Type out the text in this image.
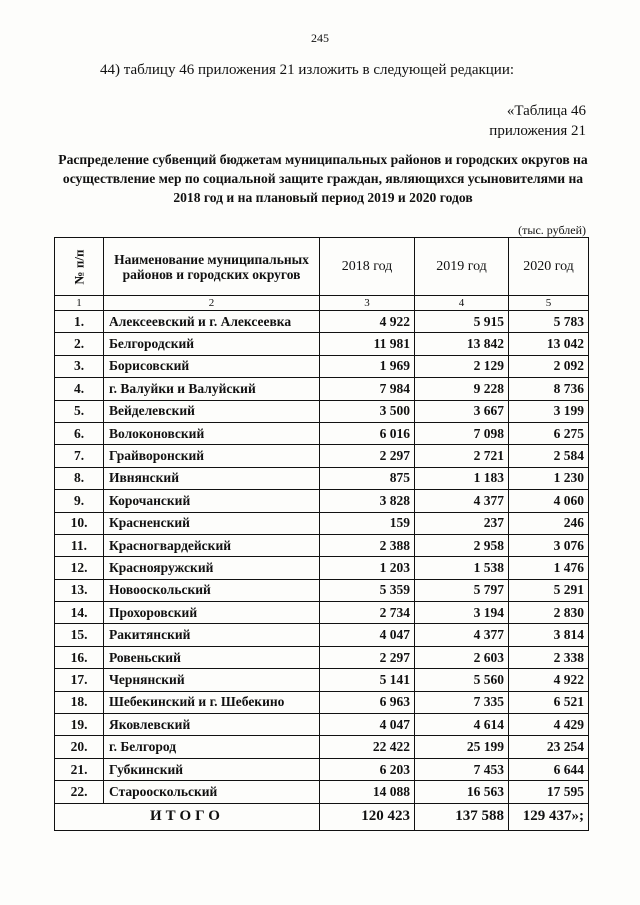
245
44) таблицу 46 приложения 21 изложить в следующей редакции:
«Таблица 46
приложения 21
Распределение субвенций бюджетам муниципальных районов и городских округов на осуществление мер по социальной защите граждан, являющихся усыновителями на 2018 год и на плановый период 2019 и 2020 годов
(тыс. рублей)
№ п/п	Наименование муниципальных районов и городских округов	2018 год	2019 год	2020 год
1	2	3	4	5
1.	Алексеевский и г. Алексеевка	4 922	5 915	5 783
2.	Белгородский	11 981	13 842	13 042
3.	Борисовский	1 969	2 129	2 092
4.	г. Валуйки и Валуйский	7 984	9 228	8 736
5.	Вейделевский	3 500	3 667	3 199
6.	Волоконовский	6 016	7 098	6 275
7.	Грайворонский	2 297	2 721	2 584
8.	Ивнянский	875	1 183	1 230
9.	Корочанский	3 828	4 377	4 060
10.	Красненский	159	237	246
11.	Красногвардейский	2 388	2 958	3 076
12.	Краснояружский	1 203	1 538	1 476
13.	Новооскольский	5 359	5 797	5 291
14.	Прохоровский	2 734	3 194	2 830
15.	Ракитянский	4 047	4 377	3 814
16.	Ровеньский	2 297	2 603	2 338
17.	Чернянский	5 141	5 560	4 922
18.	Шебекинский и г. Шебекино	6 963	7 335	6 521
19.	Яковлевский	4 047	4 614	4 429
20.	г. Белгород	22 422	25 199	23 254
21.	Губкинский	6 203	7 453	6 644
22.	Старооскольский	14 088	16 563	17 595
ИТОГО		120 423	137 588	129 437»;
